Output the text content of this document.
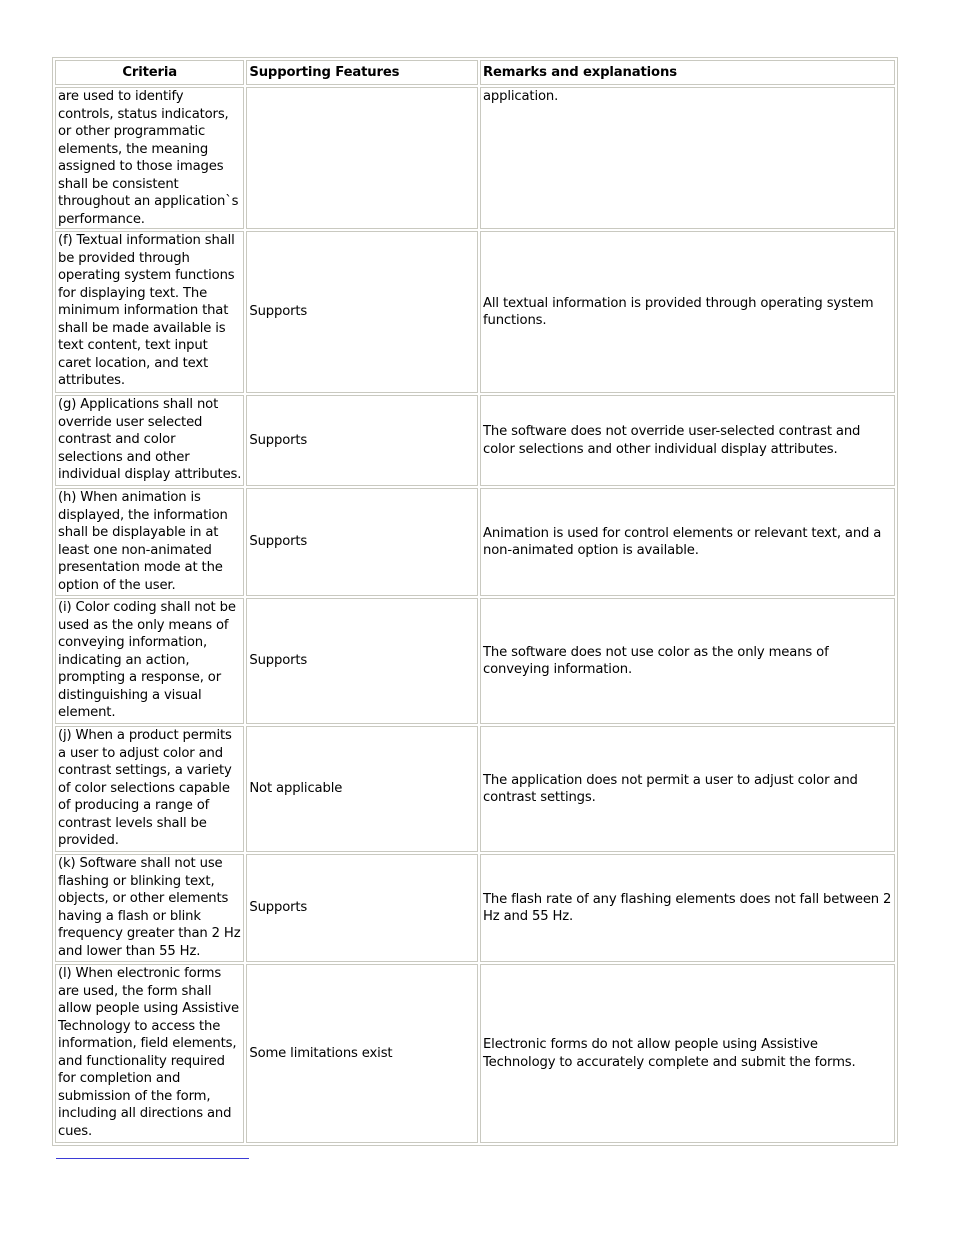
Criteria	Supporting Features	Remarks and explanations
are used to identify controls, status indicators, or other programmatic elements, the meaning assigned to those images shall be consistent throughout an application`s performance.		application.
(f) Textual information shall be provided through operating system functions for displaying text. The minimum information that shall be made available is text content, text input caret location, and text attributes.	Supports	All textual information is provided through operating system functions.
(g) Applications shall not override user selected contrast and color selections and other individual display attributes.	Supports	The software does not override user-selected contrast and color selections and other individual display attributes.
(h) When animation is displayed, the information shall be displayable in at least one non-animated presentation mode at the option of the user.	Supports	Animation is used for control elements or relevant text, and a non-animated option is available.
(i) Color coding shall not be used as the only means of conveying information, indicating an action, prompting a response, or distinguishing a visual element.	Supports	The software does not use color as the only means of conveying information.
(j) When a product permits a user to adjust color and contrast settings, a variety of color selections capable of producing a range of contrast levels shall be provided.	Not applicable	The application does not permit a user to adjust color and contrast settings.
(k) Software shall not use flashing or blinking text, objects, or other elements having a flash or blink frequency greater than 2 Hz and lower than 55 Hz.	Supports	The flash rate of any flashing elements does not fall between 2 Hz and 55 Hz.
(l) When electronic forms are used, the form shall allow people using Assistive Technology to access the information, field elements, and functionality required for completion and submission of the form, including all directions and cues.	Some limitations exist	Electronic forms do not allow people using Assistive Technology to accurately complete and submit the forms.
